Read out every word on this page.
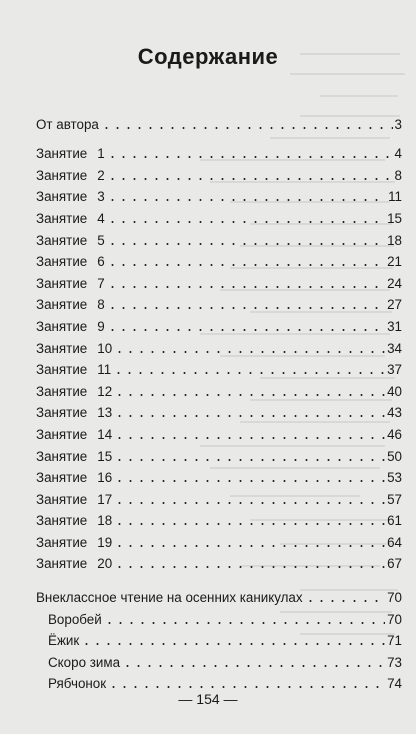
Содержание
От автора	3
Занятие 1	4
Занятие 2	8
Занятие 3	11
Занятие 4	15
Занятие 5	18
Занятие 6	21
Занятие 7	24
Занятие 8	27
Занятие 9	31
Занятие 10	34
Занятие 11	37
Занятие 12	40
Занятие 13	43
Занятие 14	46
Занятие 15	50
Занятие 16	53
Занятие 17	57
Занятие 18	61
Занятие 19	64
Занятие 20	67
Внеклассное чтение на осенних каникулах	70
Воробей	70
Ёжик	71
Скоро зима	73
Рябчонок	74
— 154 —
